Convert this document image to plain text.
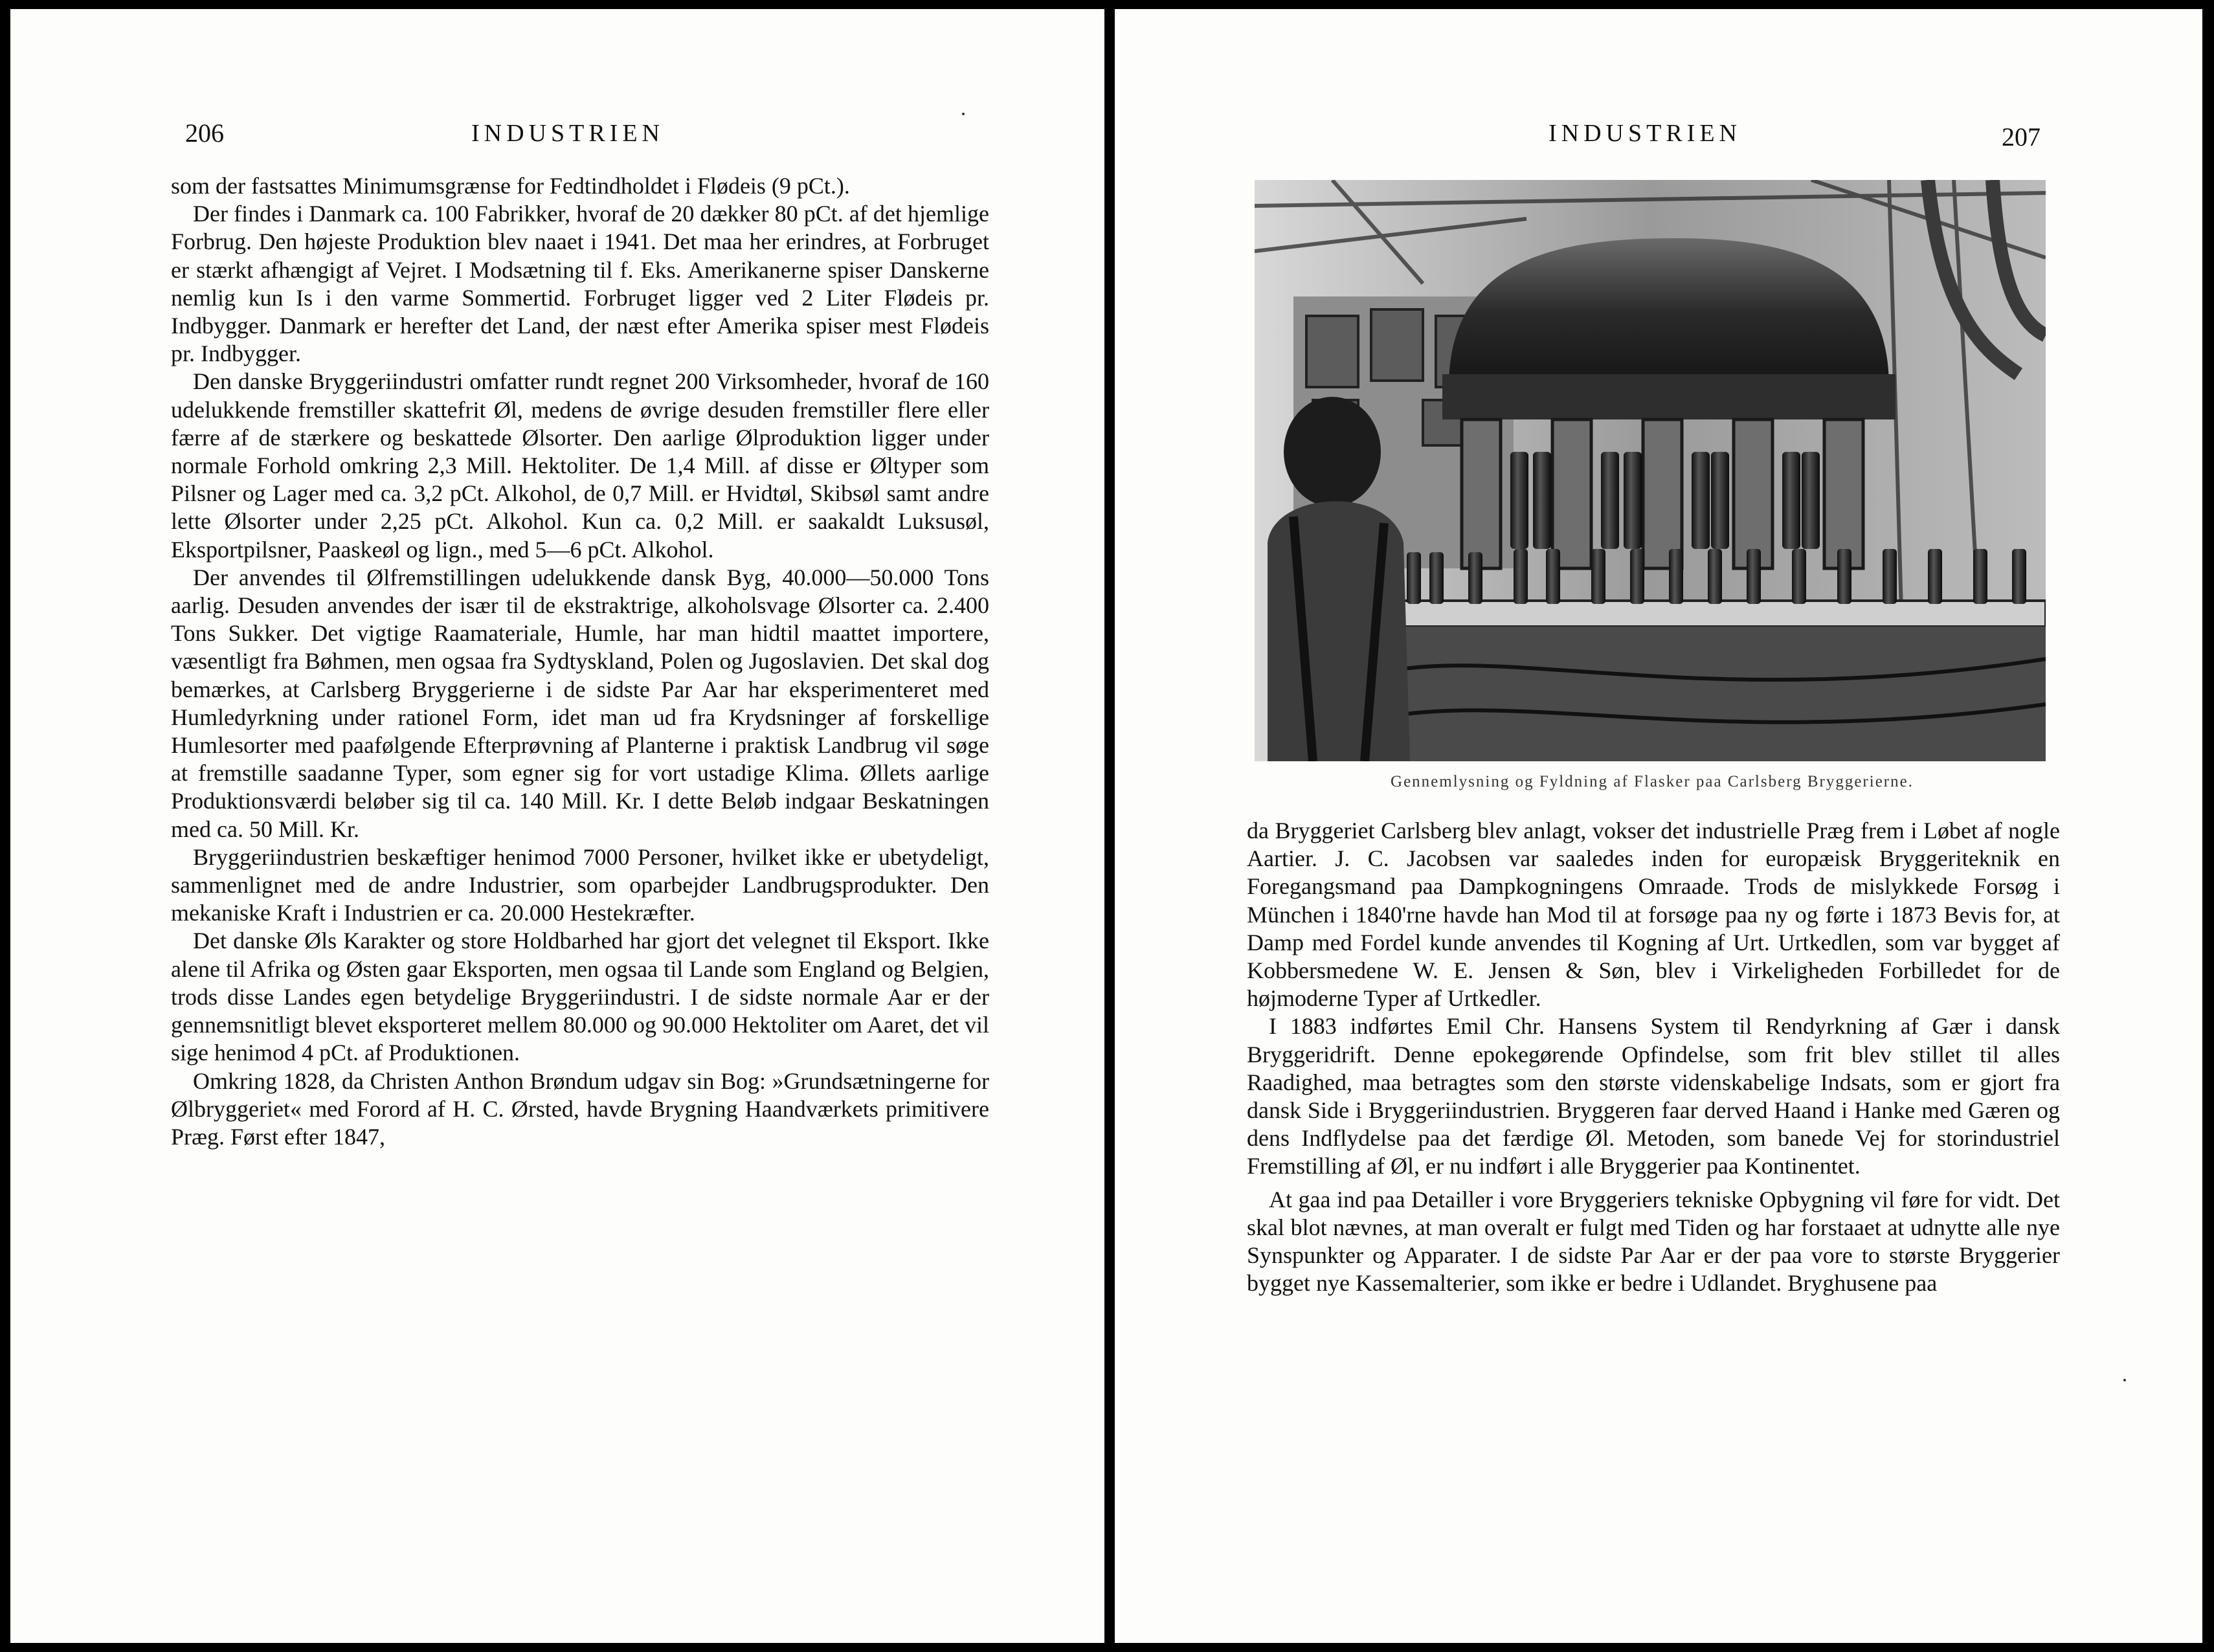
206	INDUSTRIEN

som der fastsattes Minimumsgrænse for Fedtindholdet i Flødeis (9 pCt.).

Der findes i Danmark ca. 100 Fabrikker, hvoraf de 20 dækker 80 pCt. af det hjemlige Forbrug. Den højeste Produktion blev naaet i 1941. Det maa her erindres, at Forbruget er stærkt afhængigt af Vejret. I Modsætning til f. Eks. Amerikanerne spiser Danskerne nemlig kun Is i den varme Sommertid. Forbruget ligger ved 2 Liter Flødeis pr. Indbygger. Danmark er herefter det Land, der næst efter Amerika spiser mest Flødeis pr. Indbygger.

Den danske Bryggeriindustri omfatter rundt regnet 200 Virksomheder, hvoraf de 160 udelukkende fremstiller skattefrit Øl, medens de øvrige desuden fremstiller flere eller færre af de stærkere og beskattede Ølsorter. Den aarlige Ølproduktion ligger under normale Forhold omkring 2,3 Mill. Hektoliter. De 1,4 Mill. af disse er Øltyper som Pilsner og Lager med ca. 3,2 pCt. Alkohol, de 0,7 Mill. er Hvidtøl, Skibsøl samt andre lette Ølsorter under 2,25 pCt. Alkohol. Kun ca. 0,2 Mill. er saakaldt Luksusøl, Eksportpilsner, Paaskeøl og lign., med 5—6 pCt. Alkohol.

Der anvendes til Ølfremstillingen udelukkende dansk Byg, 40.000—50.000 Tons aarlig. Desuden anvendes der især til de ekstraktrige, alkoholsvage Ølsorter ca. 2.400 Tons Sukker. Det vigtige Raamateriale, Humle, har man hidtil maattet importere, væsentligt fra Bøhmen, men ogsaa fra Sydtyskland, Polen og Jugoslavien. Det skal dog bemærkes, at Carlsberg Bryggerierne i de sidste Par Aar har eksperimenteret med Humledyrkning under rationel Form, idet man ud fra Krydsninger af forskellige Humlesorter med paafølgende Efterprøvning af Planterne i praktisk Landbrug vil søge at fremstille saadanne Typer, som egner sig for vort ustadige Klima. Øllets aarlige Produktionsværdi beløber sig til ca. 140 Mill. Kr. I dette Beløb indgaar Beskatningen med ca. 50 Mill. Kr.

Bryggeriindustrien beskæftiger henimod 7000 Personer, hvilket ikke er ubetydeligt, sammenlignet med de andre Industrier, som oparbejder Landbrugsprodukter. Den mekaniske Kraft i Industrien er ca. 20.000 Hestekræfter.

Det danske Øls Karakter og store Holdbarhed har gjort det velegnet til Eksport. Ikke alene til Afrika og Østen gaar Eksporten, men ogsaa til Lande som England og Belgien, trods disse Landes egen betydelige Bryggeriindustri. I de sidste normale Aar er der gennemsnitligt blevet eksporteret mellem 80.000 og 90.000 Hektoliter om Aaret, det vil sige henimod 4 pCt. af Produktionen.

Omkring 1828, da Christen Anthon Brøndum udgav sin Bog: »Grundsætningerne for Ølbryggeriet« med Forord af H. C. Ørsted, havde Brygning Haandværkets primitivere Præg. Først efter 1847,

INDUSTRIEN	207
Gennemlysning og Fyldning af Flasker paa Carlsberg Bryggerierne.

da Bryggeriet Carlsberg blev anlagt, vokser det industrielle Præg frem i Løbet af nogle Aartier. J. C. Jacobsen var saaledes inden for europæisk Bryggeriteknik en Foregangsmand paa Dampkogningens Omraade. Trods de mislykkede Forsøg i München i 1840'rne havde han Mod til at forsøge paa ny og førte i 1873 Bevis for, at Damp med Fordel kunde anvendes til Kogning af Urt. Urtkedlen, som var bygget af Kobbersmedene W. E. Jensen & Søn, blev i Virkeligheden Forbilledet for de højmoderne Typer af Urtkedler.

I 1883 indførtes Emil Chr. Hansens System til Rendyrkning af Gær i dansk Bryggeridrift. Denne epokegørende Opfindelse, som frit blev stillet til alles Raadighed, maa betragtes som den største videnskabelige Indsats, som er gjort fra dansk Side i Bryggeriindustrien. Bryggeren faar derved Haand i Hanke med Gæren og dens Indflydelse paa det færdige Øl. Metoden, som banede Vej for storindustriel Fremstilling af Øl, er nu indført i alle Bryggerier paa Kontinentet.

At gaa ind paa Detailler i vore Bryggeriers tekniske Opbygning vil føre for vidt. Det skal blot nævnes, at man overalt er fulgt med Tiden og har forstaaet at udnytte alle nye Synspunkter og Apparater. I de sidste Par Aar er der paa vore to største Bryggerier bygget nye Kassemalterier, som ikke er bedre i Udlandet. Bryghusene paa
